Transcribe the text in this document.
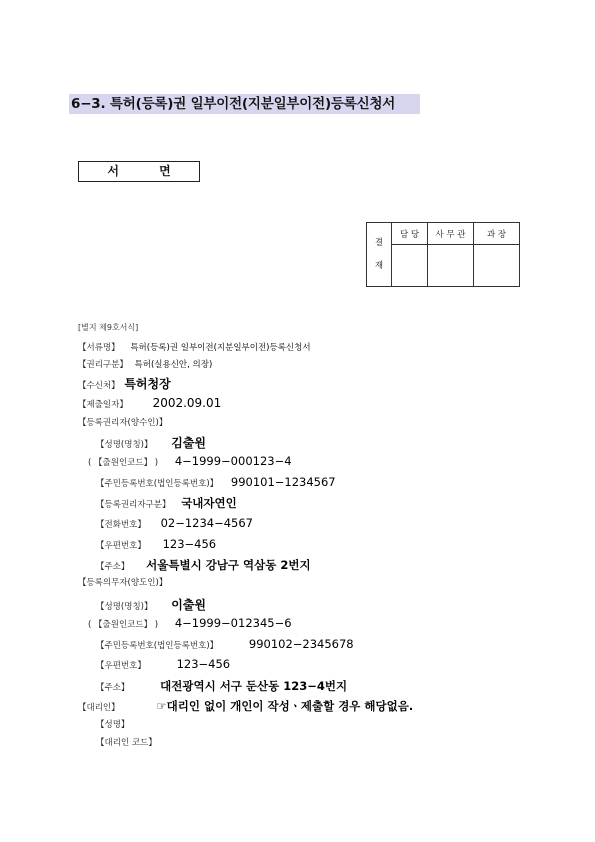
6−3. 특허(등록)권 일부이전(지분일부이전)등록신청서
서 면
결
재	담 당	사 무 관	과 장

[별지 제9호서식]
【서류명】 특허(등록)권 일부이전(지분일부이전)등록신청서
【권리구분】 특허(실용신안, 의장)
【수신처】 특허청장
【제출일자】 2002.09.01
【등록권리자(양수인)】
【성명(명칭)】 김출원
( 【출원인코드】 ) 4−1999−000123−4
【주민등록번호(법인등록번호)】 990101−1234567
【등록권리자구분】 국내자연인
【전화번호】 02−1234−4567
【우편번호】 123−456
【주소】 서울특별시 강남구 역삼동 2번지
【등록의무자(양도인)】
【성명(명칭)】 이출원
( 【출원인코드】 ) 4−1999−012345−6
【주민등록번호(법인등록번호)】	990102−2345678
【우편번호】	123−456
【주소】	대전광역시 서구 둔산동 123−4번지
【대리인】	☞대리인 없이 개인이 작성ㆍ제출할 경우 해당없음.
【성명】
【대리인 코드】
